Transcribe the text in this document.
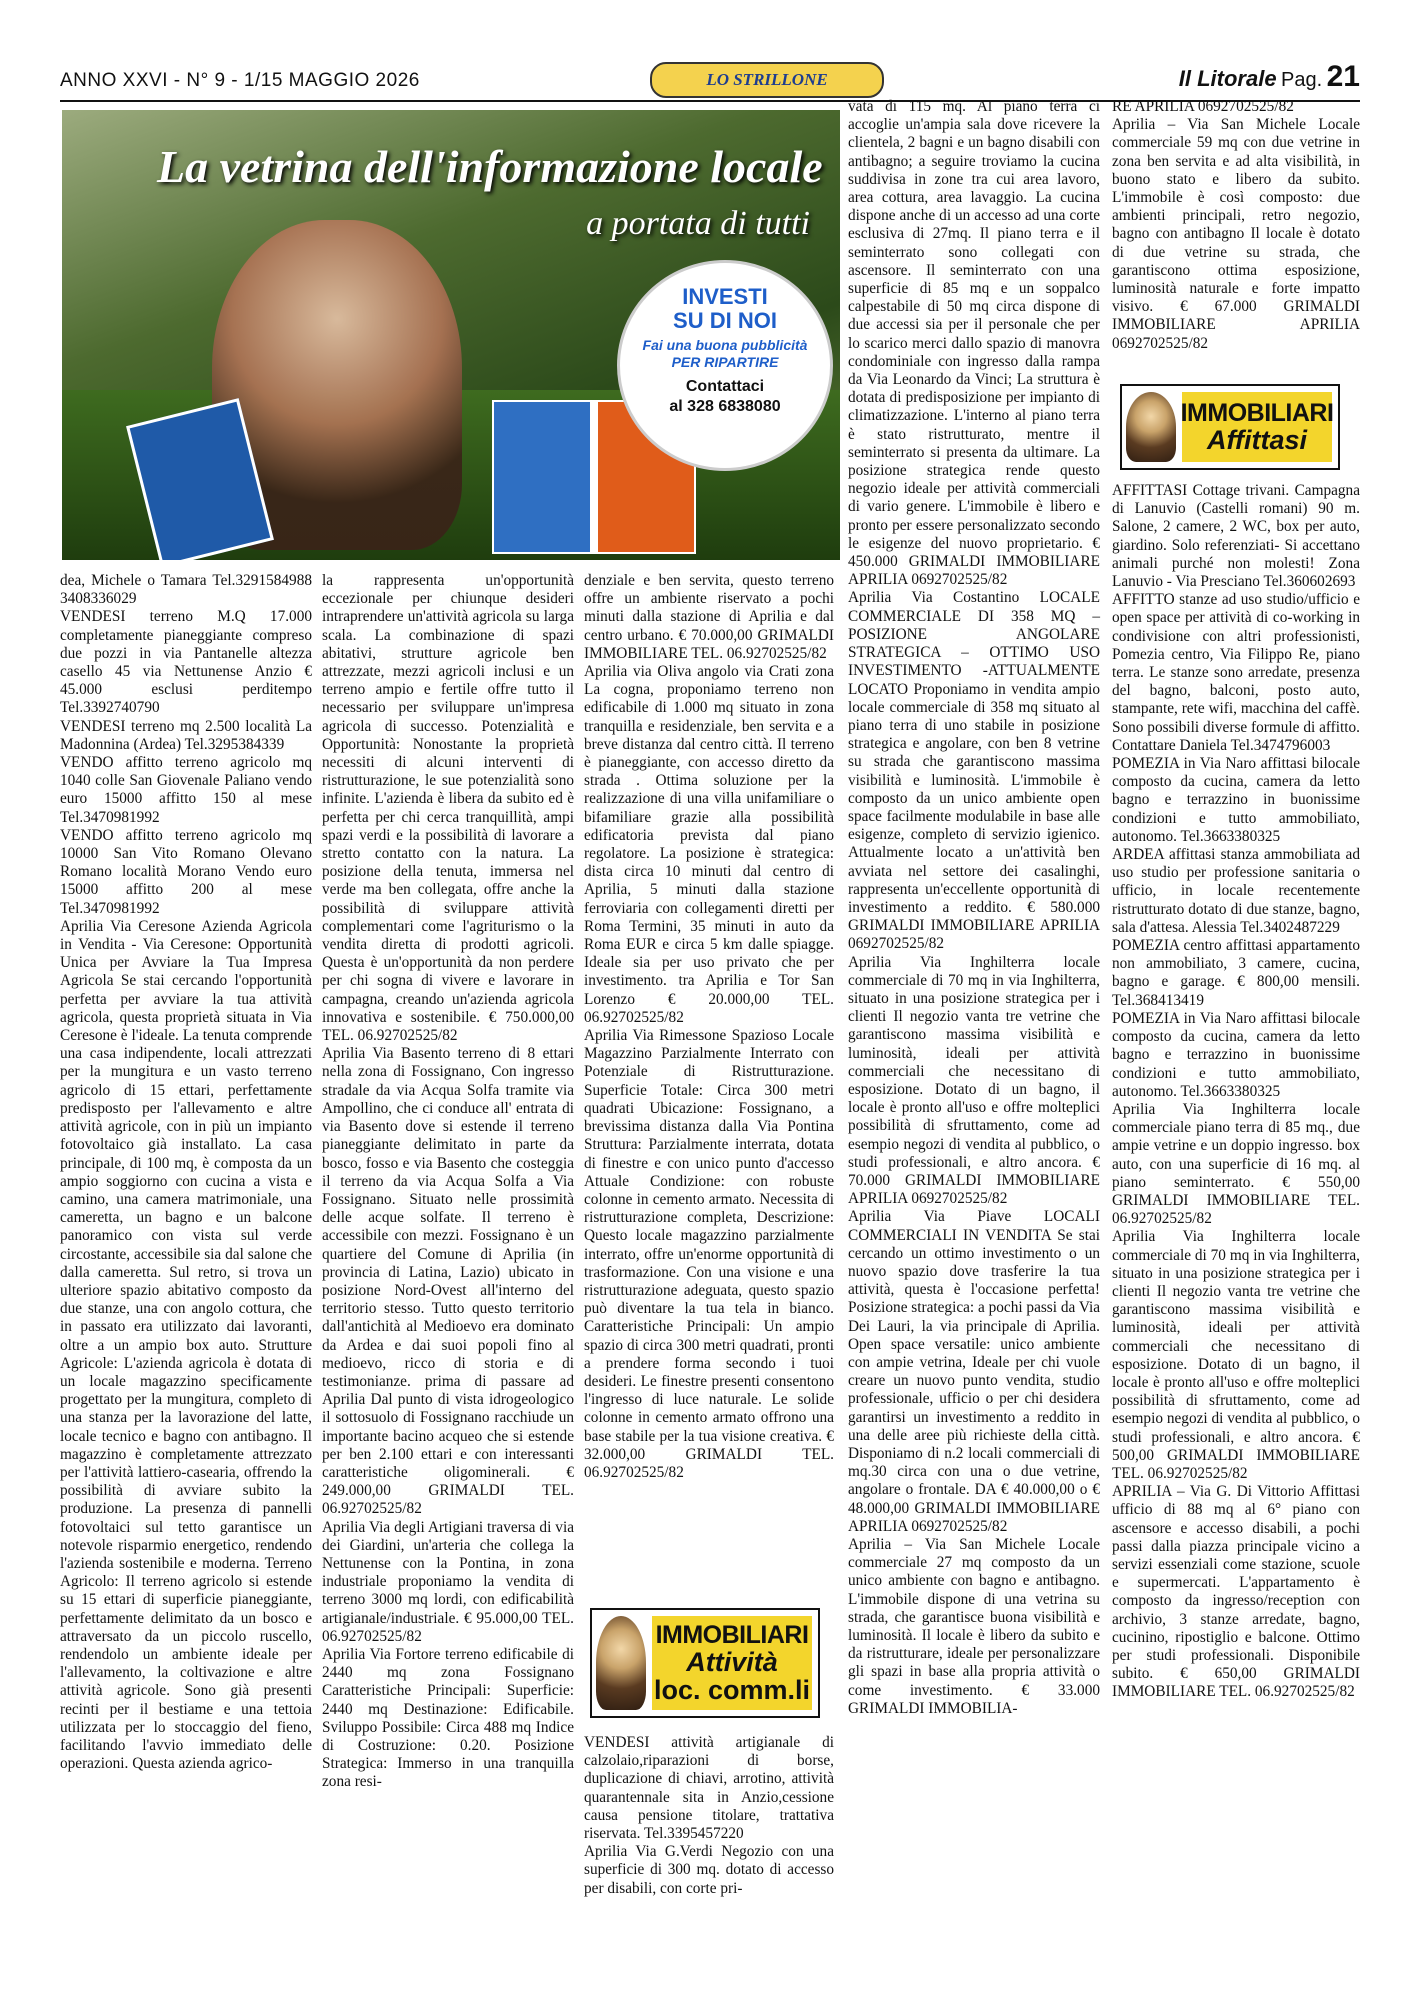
ANNO XXVI - N° 9 - 1/15 MAGGIO 2026	LO STRILLONE	Il Litorale Pag. 21
La vetrina dell'informazione locale
a portata di tutti
INVESTI
SU DI NOI
Fai una buona pubblicità
PER RIPARTIRE
Contattaci
al 328 6838080

dea, Michele o Tamara Tel.3291584988 3408336029

VENDESI terreno M.Q 17.000 completamente pianeggiante compreso due pozzi in via Pantanelle altezza casello 45 via Nettunense Anzio € 45.000 esclusi perditempo Tel.3392740790

VENDESI terreno mq 2.500 località La Madonnina (Ardea) Tel.3295384339

VENDO affitto terreno agricolo mq 1040 colle San Giovenale Paliano vendo euro 15000 affitto 150 al mese Tel.3470981992

VENDO affitto terreno agricolo mq 10000 San Vito Romano Olevano Romano località Morano Vendo euro 15000 affitto 200 al mese Tel.3470981992

Aprilia Via Ceresone Azienda Agricola in Vendita - Via Ceresone: Opportunità Unica per Avviare la Tua Impresa Agricola Se stai cercando l'opportunità perfetta per avviare la tua attività agricola, questa proprietà situata in Via Ceresone è l'ideale. La tenuta comprende una casa indipendente, locali attrezzati per la mungitura e un vasto terreno agricolo di 15 ettari, perfettamente predisposto per l'allevamento e altre attività agricole, con in più un impianto fotovoltaico già installato. La casa principale, di 100 mq, è composta da un ampio soggiorno con cucina a vista e camino, una camera matrimoniale, una cameretta, un bagno e un balcone panoramico con vista sul verde circostante, accessibile sia dal salone che dalla cameretta. Sul retro, si trova un ulteriore spazio abitativo composto da due stanze, una con angolo cottura, che in passato era utilizzato dai lavoranti, oltre a un ampio box auto. Strutture Agricole: L'azienda agricola è dotata di un locale magazzino specificamente progettato per la mungitura, completo di una stanza per la lavorazione del latte, locale tecnico e bagno con antibagno. Il magazzino è completamente attrezzato per l'attività lattiero-casearia, offrendo la possibilità di avviare subito la produzione. La presenza di pannelli fotovoltaici sul tetto garantisce un notevole risparmio energetico, rendendo l'azienda sostenibile e moderna. Terreno Agricolo: Il terreno agricolo si estende su 15 ettari di superficie pianeggiante, perfettamente delimitato da un bosco e attraversato da un piccolo ruscello, rendendolo un ambiente ideale per l'allevamento, la coltivazione e altre attività agricole. Sono già presenti recinti per il bestiame e una tettoia utilizzata per lo stoccaggio del fieno, facilitando l'avvio immediato delle operazioni. Questa azienda agrico-

la rappresenta un'opportunità eccezionale per chiunque desideri intraprendere un'attività agricola su larga scala. La combinazione di spazi abitativi, strutture agricole ben attrezzate, mezzi agricoli inclusi e un terreno ampio e fertile offre tutto il necessario per sviluppare un'impresa agricola di successo. Potenzialità e Opportunità: Nonostante la proprietà necessiti di alcuni interventi di ristrutturazione, le sue potenzialità sono infinite. L'azienda è libera da subito ed è perfetta per chi cerca tranquillità, ampi spazi verdi e la possibilità di lavorare a stretto contatto con la natura. La posizione della tenuta, immersa nel verde ma ben collegata, offre anche la possibilità di sviluppare attività complementari come l'agriturismo o la vendita diretta di prodotti agricoli. Questa è un'opportunità da non perdere per chi sogna di vivere e lavorare in campagna, creando un'azienda agricola innovativa e sostenibile. € 750.000,00 TEL. 06.92702525/82

Aprilia Via Basento terreno di 8 ettari nella zona di Fossignano, Con ingresso stradale da via Acqua Solfa tramite via Ampollino, che ci conduce all' entrata di via Basento dove si estende il terreno pianeggiante delimitato in parte da bosco, fosso e via Basento che costeggia il terreno da via Acqua Solfa a Via Fossignano. Situato nelle prossimità delle acque solfate. Il terreno è accessibile con mezzi. Fossignano è un quartiere del Comune di Aprilia (in provincia di Latina, Lazio) ubicato in posizione Nord-Ovest all'interno del territorio stesso. Tutto questo territorio dall'antichità al Medioevo era dominato da Ardea e dai suoi popoli fino al medioevo, ricco di storia e di testimonianze. prima di passare ad Aprilia Dal punto di vista idrogeologico il sottosuolo di Fossignano racchiude un importante bacino acqueo che si estende per ben 2.100 ettari e con interessanti caratteristiche oligominerali. € 249.000,00 GRIMALDI TEL. 06.92702525/82

Aprilia Via degli Artigiani traversa di via dei Giardini, un'arteria che collega la Nettunense con la Pontina, in zona industriale proponiamo la vendita di terreno 3000 mq lordi, con edificabilità artigianale/industriale. € 95.000,00 TEL. 06.92702525/82

Aprilia Via Fortore terreno edificabile di 2440 mq zona Fossignano Caratteristiche Principali: Superficie: 2440 mq Destinazione: Edificabile. Sviluppo Possibile: Circa 488 mq Indice di Costruzione: 0.20. Posizione Strategica: Immerso in una tranquilla zona resi-

denziale e ben servita, questo terreno offre un ambiente riservato a pochi minuti dalla stazione di Aprilia e dal centro urbano. € 70.000,00 GRIMALDI IMMOBILIARE TEL. 06.92702525/82

Aprilia via Oliva angolo via Crati zona La cogna, proponiamo terreno non edificabile di 1.000 mq situato in zona tranquilla e residenziale, ben servita e a breve distanza dal centro città. Il terreno è pianeggiante, con accesso diretto da strada . Ottima soluzione per la realizzazione di una villa unifamiliare o bifamiliare grazie alla possibilità edificatoria prevista dal piano regolatore. La posizione è strategica: dista circa 10 minuti dal centro di Aprilia, 5 minuti dalla stazione ferroviaria con collegamenti diretti per Roma Termini, 35 minuti in auto da Roma EUR e circa 5 km dalle spiagge. Ideale sia per uso privato che per investimento. tra Aprilia e Tor San Lorenzo € 20.000,00 TEL. 06.92702525/82

Aprilia Via Rimessone Spazioso Locale Magazzino Parzialmente Interrato con Potenziale di Ristrutturazione. Superficie Totale: Circa 300 metri quadrati Ubicazione: Fossignano, a brevissima distanza dalla Via Pontina Struttura: Parzialmente interrata, dotata di finestre e con unico punto d'accesso Attuale Condizione: con robuste colonne in cemento armato. Necessita di ristrutturazione completa, Descrizione: Questo locale magazzino parzialmente interrato, offre un'enorme opportunità di trasformazione. Con una visione e una ristrutturazione adeguata, questo spazio può diventare la tua tela in bianco. Caratteristiche Principali: Un ampio spazio di circa 300 metri quadrati, pronti a prendere forma secondo i tuoi desideri. Le finestre presenti consentono l'ingresso di luce naturale. Le solide colonne in cemento armato offrono una base stabile per la tua visione creativa. € 32.000,00 GRIMALDI TEL. 06.92702525/82

IMMOBILIARI
Attività
loc. comm.li

VENDESI attività artigianale di calzolaio,riparazioni di borse, duplicazione di chiavi, arrotino, attività quarantennale sita in Anzio,cessione causa pensione titolare, trattativa riservata. Tel.3395457220

Aprilia Via G.Verdi Negozio con una superficie di 300 mq. dotato di accesso per disabili, con corte pri-

vata di 115 mq. Al piano terra ci accoglie un'ampia sala dove ricevere la clientela, 2 bagni e un bagno disabili con antibagno; a seguire troviamo la cucina suddivisa in zone tra cui area lavoro, area cottura, area lavaggio. La cucina dispone anche di un accesso ad una corte esclusiva di 27mq. Il piano terra e il seminterrato sono collegati con ascensore. Il seminterrato con una superficie di 85 mq e un soppalco calpestabile di 50 mq circa dispone di due accessi sia per il personale che per lo scarico merci dallo spazio di manovra condominiale con ingresso dalla rampa da Via Leonardo da Vinci; La struttura è dotata di predisposizione per impianto di climatizzazione. L'interno al piano terra è stato ristrutturato, mentre il seminterrato si presenta da ultimare. La posizione strategica rende questo negozio ideale per attività commerciali di vario genere. L'immobile è libero e pronto per essere personalizzato secondo le esigenze del nuovo proprietario. € 450.000 GRIMALDI IMMOBILIARE APRILIA 0692702525/82

Aprilia Via Costantino LOCALE COMMERCIALE DI 358 MQ – POSIZIONE ANGOLARE STRATEGICA – OTTIMO USO INVESTIMENTO -ATTUALMENTE LOCATO Proponiamo in vendita ampio locale commerciale di 358 mq situato al piano terra di uno stabile in posizione strategica e angolare, con ben 8 vetrine su strada che garantiscono massima visibilità e luminosità. L'immobile è composto da un unico ambiente open space facilmente modulabile in base alle esigenze, completo di servizio igienico. Attualmente locato a un'attività ben avviata nel settore dei casalinghi, rappresenta un'eccellente opportunità di investimento a reddito. € 580.000 GRIMALDI IMMOBILIARE APRILIA 0692702525/82

Aprilia Via Inghilterra locale commerciale di 70 mq in via Inghilterra, situato in una posizione strategica per i clienti Il negozio vanta tre vetrine che garantiscono massima visibilità e luminosità, ideali per attività commerciali che necessitano di esposizione. Dotato di un bagno, il locale è pronto all'uso e offre molteplici possibilità di sfruttamento, come ad esempio negozi di vendita al pubblico, o studi professionali, e altro ancora. € 70.000 GRIMALDI IMMOBILIARE APRILIA 0692702525/82

Aprilia Via Piave LOCALI COMMERCIALI IN VENDITA Se stai cercando un ottimo investimento o un nuovo spazio dove trasferire la tua attività, questa è l'occasione perfetta! Posizione strategica: a pochi passi da Via Dei Lauri, la via principale di Aprilia. Open space versatile: unico ambiente con ampie vetrina, Ideale per chi vuole creare un nuovo punto vendita, studio professionale, ufficio o per chi desidera garantirsi un investimento a reddito in una delle aree più richieste della città. Disponiamo di n.2 locali commerciali di mq.30 circa con una o due vetrine, angolare o frontale. DA € 40.000,00 o € 48.000,00 GRIMALDI IMMOBILIARE APRILIA 0692702525/82

Aprilia – Via San Michele Locale commerciale 27 mq composto da un unico ambiente con bagno e antibagno. L'immobile dispone di una vetrina su strada, che garantisce buona visibilità e luminosità. Il locale è libero da subito e da ristrutturare, ideale per personalizzare gli spazi in base alla propria attività o come investimento. € 33.000 GRIMALDI IMMOBILIA-

RE APRILIA 0692702525/82

Aprilia – Via San Michele Locale commerciale 59 mq con due vetrine in zona ben servita e ad alta visibilità, in buono stato e libero da subito. L'immobile è così composto: due ambienti principali, retro negozio, bagno con antibagno Il locale è dotato di due vetrine su strada, che garantiscono ottima esposizione, luminosità naturale e forte impatto visivo. € 67.000 GRIMALDI IMMOBILIARE APRILIA 0692702525/82

IMMOBILIARI
Affittasi

AFFITTASI Cottage trivani. Campagna di Lanuvio (Castelli romani) 90 m. Salone, 2 camere, 2 WC, box per auto, giardino. Solo referenziati- Si accettano animali purché non molesti! Zona Lanuvio - Via Presciano Tel.360602693

AFFITTO stanze ad uso studio/ufficio e open space per attività di co-working in condivisione con altri professionisti, Pomezia centro, Via Filippo Re, piano terra. Le stanze sono arredate, presenza del bagno, balconi, posto auto, stampante, rete wifi, macchina del caffè. Sono possibili diverse formule di affitto. Contattare Daniela Tel.3474796003

POMEZIA in Via Naro affittasi bilocale composto da cucina, camera da letto bagno e terrazzino in buonissime condizioni e tutto ammobiliato, autonomo. Tel.3663380325

ARDEA affittasi stanza ammobiliata ad uso studio per professione sanitaria o ufficio, in locale recentemente ristrutturato dotato di due stanze, bagno, sala d'attesa. Alessia Tel.3402487229

POMEZIA centro affittasi appartamento non ammobiliato, 3 camere, cucina, bagno e garage. € 800,00 mensili. Tel.368413419

POMEZIA in Via Naro affittasi bilocale composto da cucina, camera da letto bagno e terrazzino in buonissime condizioni e tutto ammobiliato, autonomo. Tel.3663380325

Aprilia Via Inghilterra locale commerciale piano terra di 85 mq., due ampie vetrine e un doppio ingresso. box auto, con una superficie di 16 mq. al piano seminterrato. € 550,00 GRIMALDI IMMOBILIARE TEL. 06.92702525/82

Aprilia Via Inghilterra locale commerciale di 70 mq in via Inghilterra, situato in una posizione strategica per i clienti Il negozio vanta tre vetrine che garantiscono massima visibilità e luminosità, ideali per attività commerciali che necessitano di esposizione. Dotato di un bagno, il locale è pronto all'uso e offre molteplici possibilità di sfruttamento, come ad esempio negozi di vendita al pubblico, o studi professionali, e altro ancora. € 500,00 GRIMALDI IMMOBILIARE TEL. 06.92702525/82

APRILIA – Via G. Di Vittorio Affittasi ufficio di 88 mq al 6° piano con ascensore e accesso disabili, a pochi passi dalla piazza principale vicino a servizi essenziali come stazione, scuole e supermercati. L'appartamento è composto da ingresso/reception con archivio, 3 stanze arredate, bagno, cucinino, ripostiglio e balcone. Ottimo per studi professionali. Disponibile subito. € 650,00 GRIMALDI IMMOBILIARE TEL. 06.92702525/82
